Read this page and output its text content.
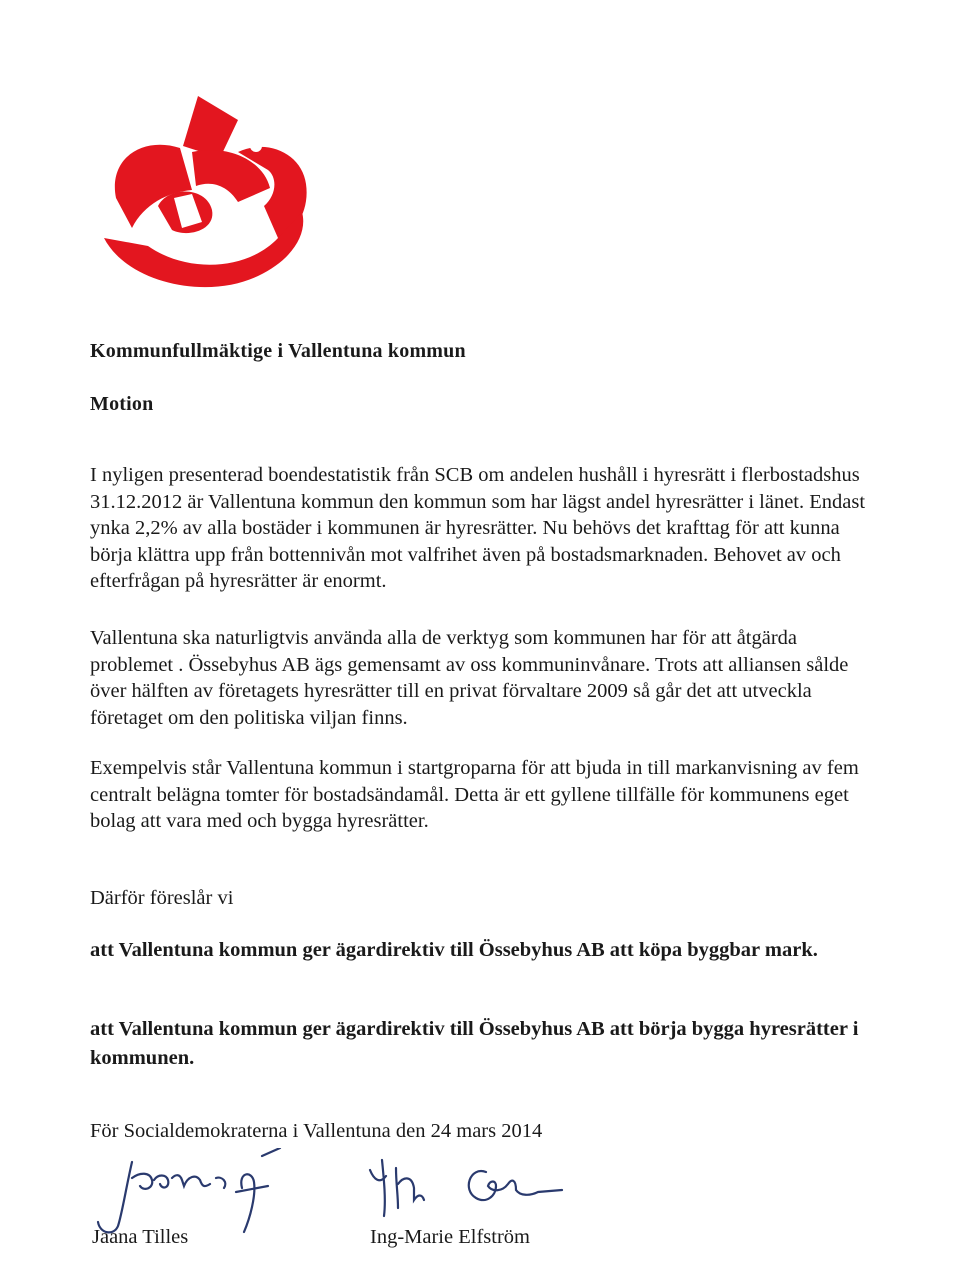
Kommunfullmäktige i Vallentuna kommun

Motion

I nyligen presenterad boendestatistik från SCB om andelen hushåll i hyresrätt i flerbostadshus 31.12.2012 är Vallentuna kommun den kommun som har lägst andel hyresrätter i länet. Endast ynka 2,2% av alla bostäder i kommunen är hyresrätter. Nu behövs det krafttag för att kunna börja klättra upp från bottennivån mot valfrihet även på bostadsmarknaden. Behovet av och efterfrågan på hyresrätter är enormt.

Vallentuna ska naturligtvis använda alla de verktyg som kommunen har för att åtgärda problemet . Össebyhus AB ägs gemensamt av oss kommuninvånare. Trots att alliansen sålde över hälften av företagets hyresrätter till en privat förvaltare 2009 så går det att utveckla företaget om den politiska viljan finns.

Exempelvis står Vallentuna kommun i startgroparna för att bjuda in till markanvisning av fem centralt belägna tomter för bostadsändamål. Detta är ett gyllene tillfälle för kommunens eget bolag att vara med och bygga hyresrätter.

Därför föreslår vi

att Vallentuna kommun ger ägardirektiv till Össebyhus AB att köpa byggbar mark.

att Vallentuna kommun ger ägardirektiv till Össebyhus AB att börja bygga hyresrätter i kommunen.

För Socialdemokraterna i Vallentuna den 24 mars 2014

Jaana Tilles	Ing-Marie Elfström
